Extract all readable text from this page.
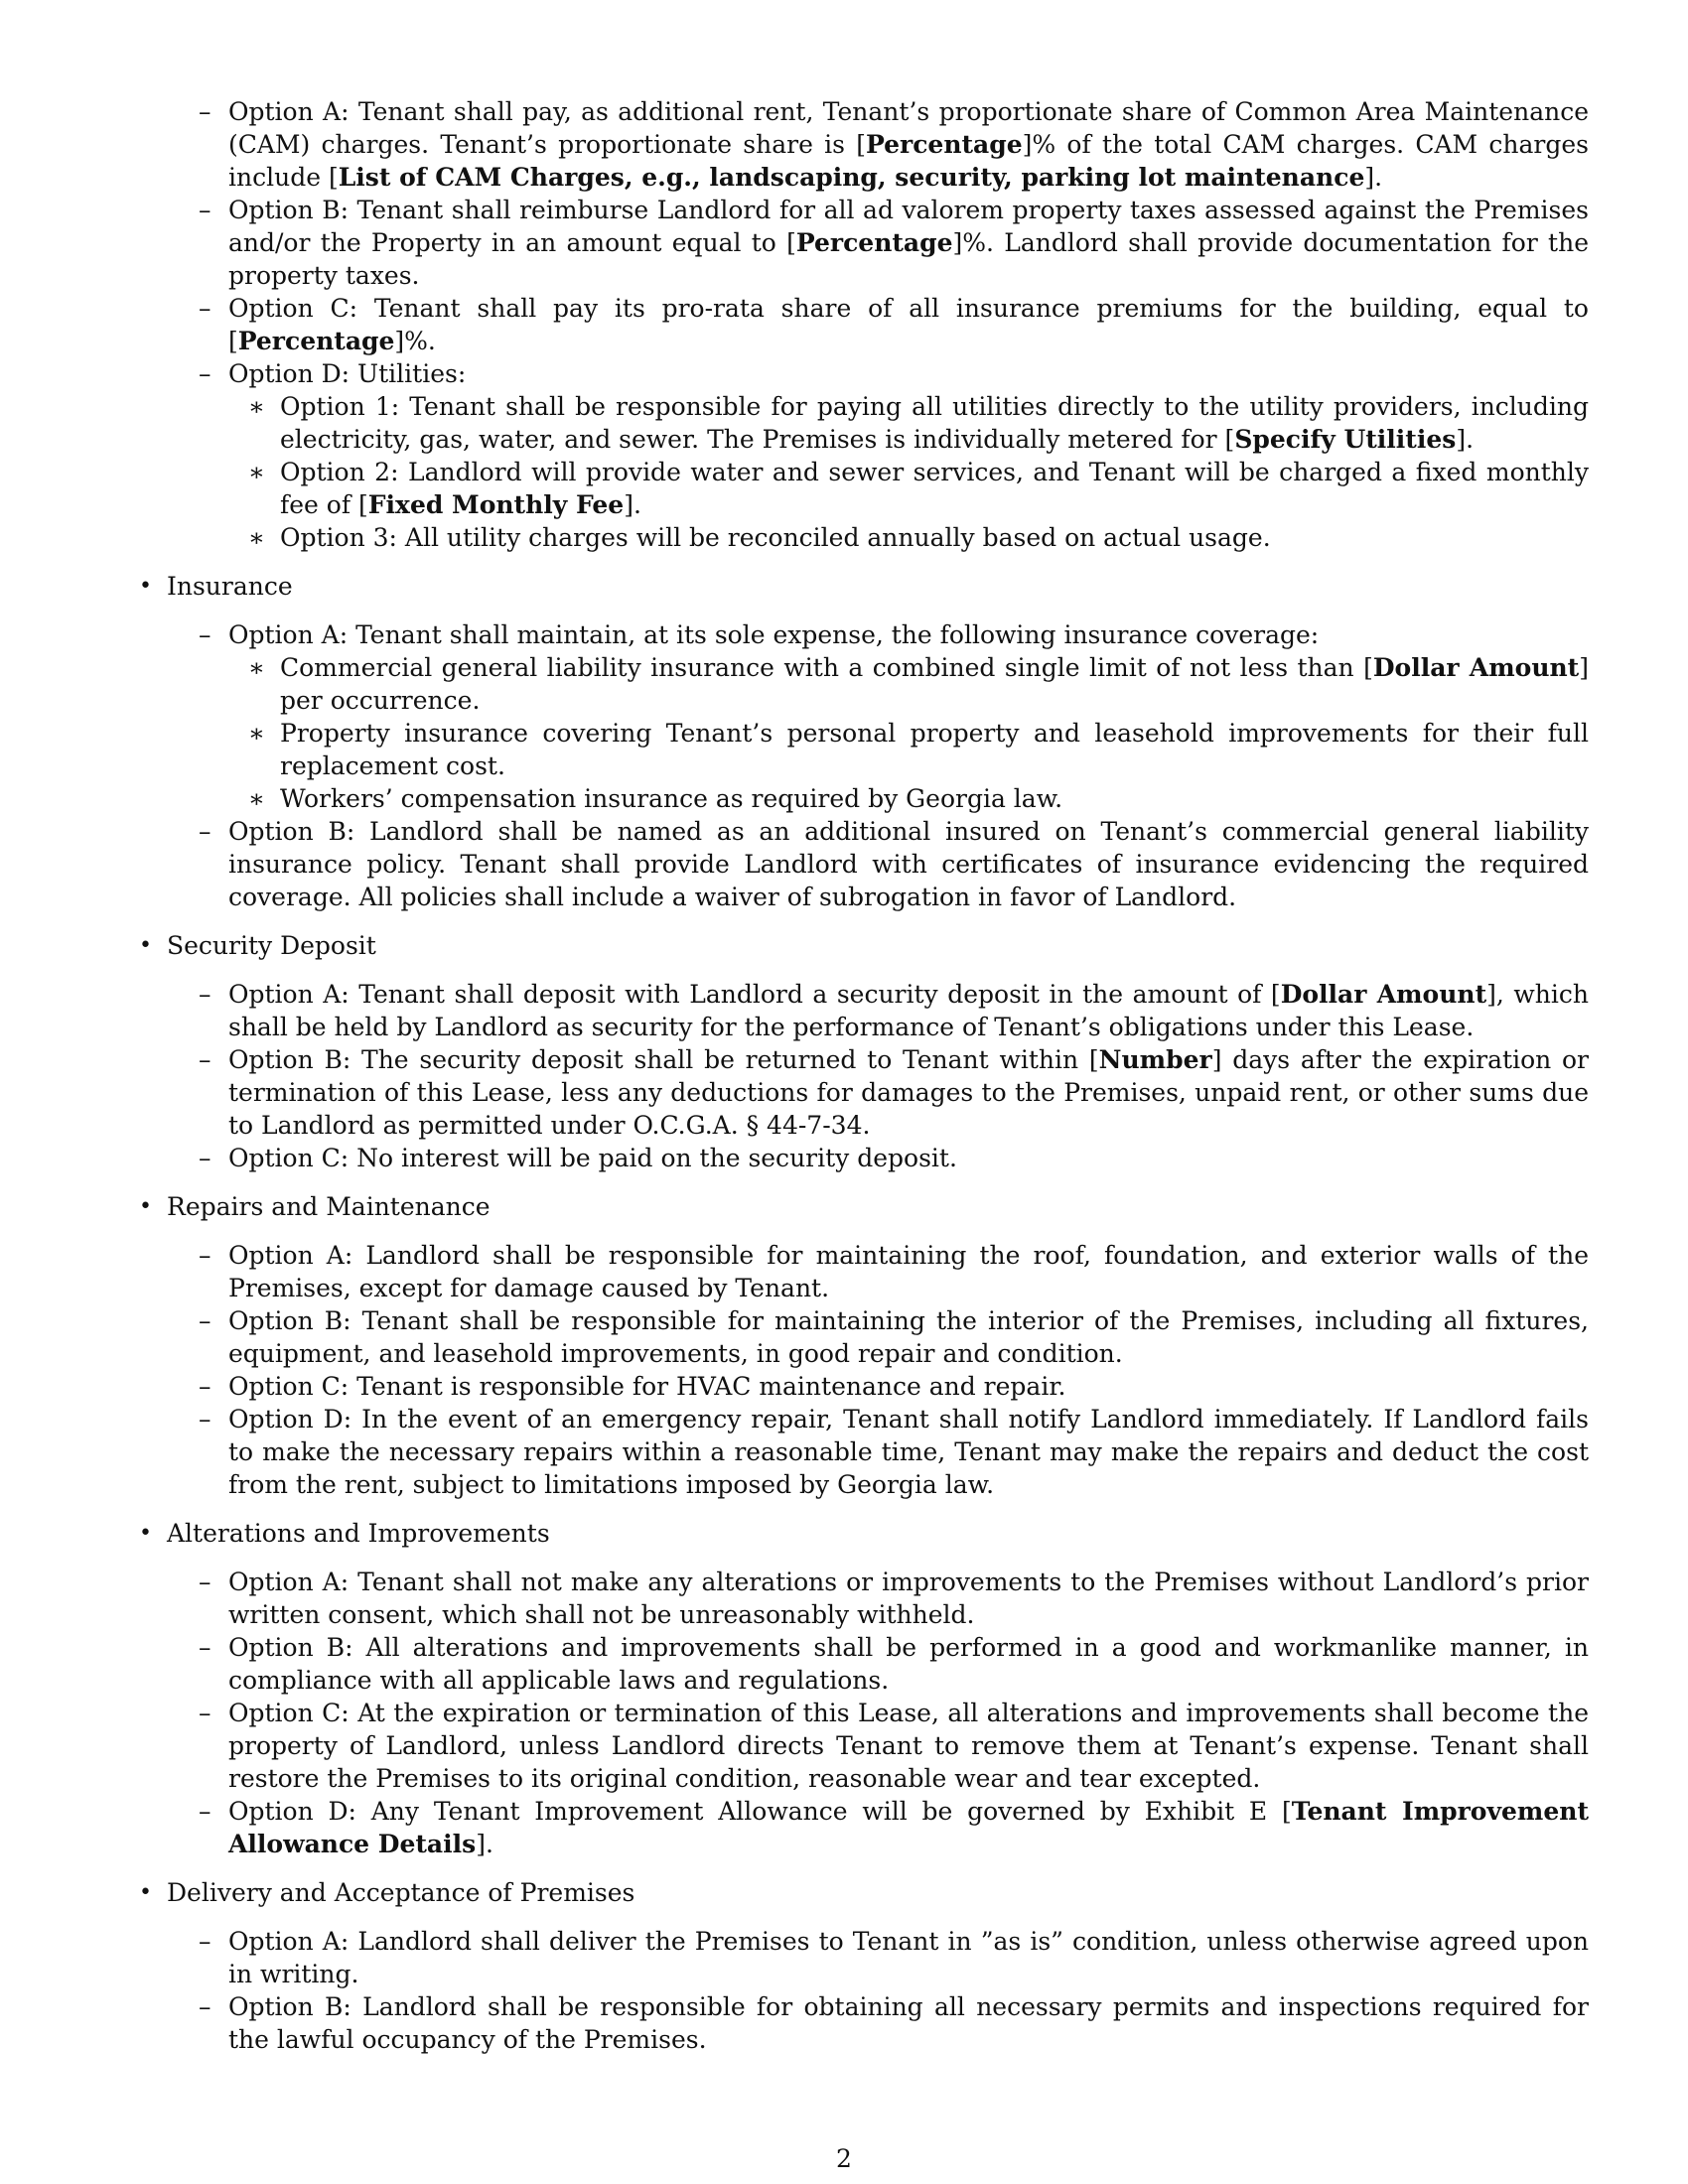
– Option A: Tenant shall pay, as additional rent, Tenant’s proportionate share of Common Area Maintenance (CAM) charges. Tenant’s proportionate share is [Percentage]% of the total CAM charges. CAM charges include [List of CAM Charges, e.g., landscaping, security, parking lot maintenance].
– Option B: Tenant shall reimburse Landlord for all ad valorem property taxes assessed against the Premises and/or the Property in an amount equal to [Percentage]%. Landlord shall provide documentation for the property taxes.
– Option C: Tenant shall pay its pro-rata share of all insurance premiums for the building, equal to [Percentage]%.
– Option D: Utilities:
∗ Option 1: Tenant shall be responsible for paying all utilities directly to the utility providers, including electricity, gas, water, and sewer. The Premises is individually metered for [Specify Utilities].
∗ Option 2: Landlord will provide water and sewer services, and Tenant will be charged a fixed monthly fee of [Fixed Monthly Fee].
∗ Option 3: All utility charges will be reconciled annually based on actual usage.
• Insurance
– Option A: Tenant shall maintain, at its sole expense, the following insurance coverage:
∗ Commercial general liability insurance with a combined single limit of not less than [Dollar Amount] per occurrence.
∗ Property insurance covering Tenant’s personal property and leasehold improvements for their full replacement cost.
∗ Workers’ compensation insurance as required by Georgia law.
– Option B: Landlord shall be named as an additional insured on Tenant’s commercial general liability insurance policy. Tenant shall provide Landlord with certificates of insurance evidencing the required coverage. All policies shall include a waiver of subrogation in favor of Landlord.
• Security Deposit
– Option A: Tenant shall deposit with Landlord a security deposit in the amount of [Dollar Amount], which shall be held by Landlord as security for the performance of Tenant’s obligations under this Lease.
– Option B: The security deposit shall be returned to Tenant within [Number] days after the expiration or termination of this Lease, less any deductions for damages to the Premises, unpaid rent, or other sums due to Landlord as permitted under O.C.G.A. § 44-7-34.
– Option C: No interest will be paid on the security deposit.
• Repairs and Maintenance
– Option A: Landlord shall be responsible for maintaining the roof, foundation, and exterior walls of the Premises, except for damage caused by Tenant.
– Option B: Tenant shall be responsible for maintaining the interior of the Premises, including all fixtures, equipment, and leasehold improvements, in good repair and condition.
– Option C: Tenant is responsible for HVAC maintenance and repair.
– Option D: In the event of an emergency repair, Tenant shall notify Landlord immediately. If Landlord fails to make the necessary repairs within a reasonable time, Tenant may make the repairs and deduct the cost from the rent, subject to limitations imposed by Georgia law.
• Alterations and Improvements
– Option A: Tenant shall not make any alterations or improvements to the Premises without Landlord’s prior written consent, which shall not be unreasonably withheld.
– Option B: All alterations and improvements shall be performed in a good and workmanlike manner, in compliance with all applicable laws and regulations.
– Option C: At the expiration or termination of this Lease, all alterations and improvements shall become the property of Landlord, unless Landlord directs Tenant to remove them at Tenant’s expense. Tenant shall restore the Premises to its original condition, reasonable wear and tear excepted.
– Option D: Any Tenant Improvement Allowance will be governed by Exhibit E [Tenant Improvement Allowance Details].
• Delivery and Acceptance of Premises
– Option A: Landlord shall deliver the Premises to Tenant in ”as is” condition, unless otherwise agreed upon in writing.
– Option B: Landlord shall be responsible for obtaining all necessary permits and inspections required for the lawful occupancy of the Premises.
2
